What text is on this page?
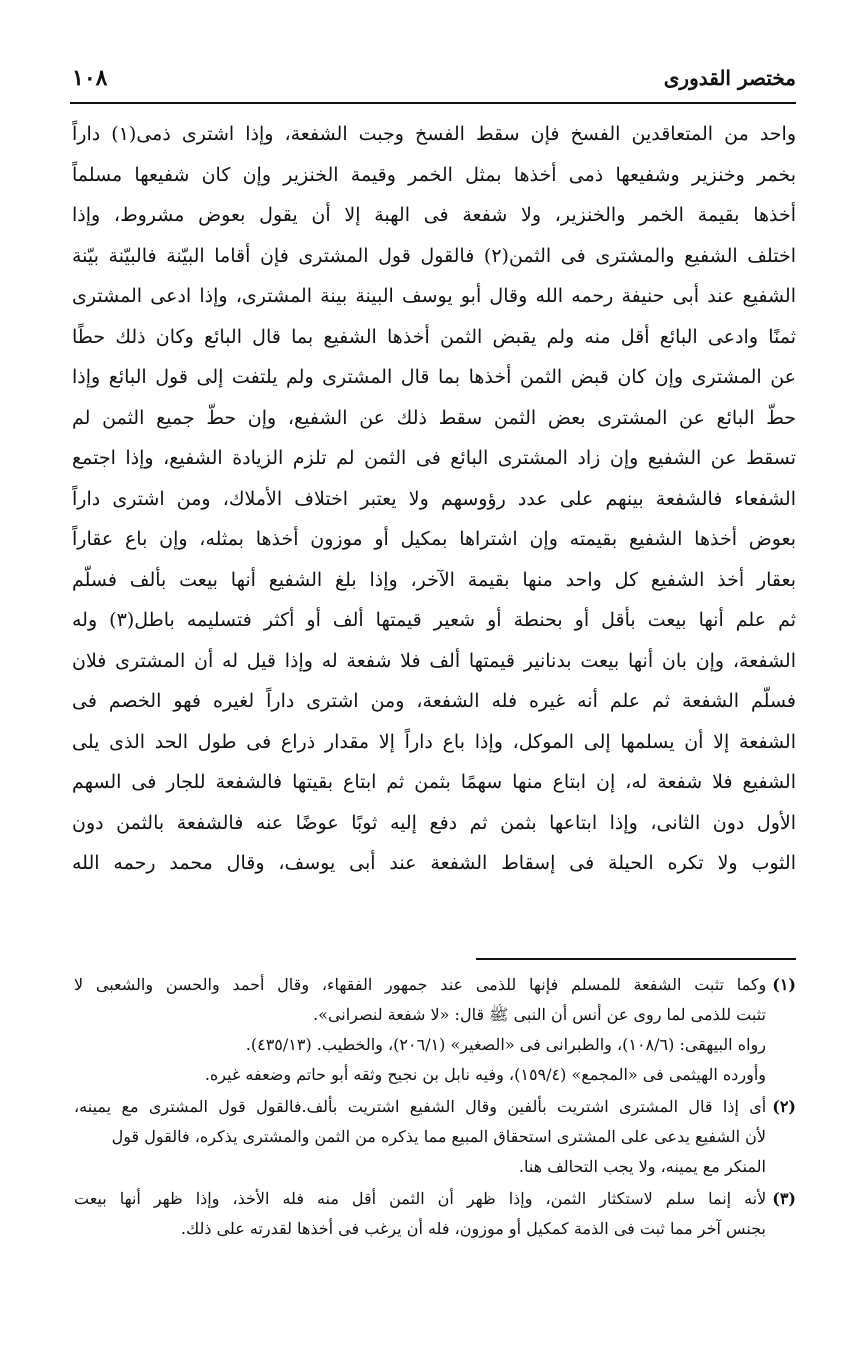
مختصر القدورى
١٠٨
واحد من المتعاقدين الفسخ فإن سقط الفسخ وجبت الشفعة، وإذا اشترى ذمى(١) داراً
بخمر وخنزير وشفيعها ذمى أخذها بمثل الخمر وقيمة الخنزير وإن كان شفيعها مسلماً
أخذها بقيمة الخمر والخنزير، ولا شفعة فى الهبة إلا أن يقول بعوض مشروط، وإذا
اختلف الشفيع والمشترى فى الثمن(٢) فالقول قول المشترى فإن أقاما البيّنة فالبيّنة بيّنة
الشفيع عند أبى حنيفة رحمه الله وقال أبو يوسف البينة بينة المشترى، وإذا ادعى المشترى
ثمنًا وادعى البائع أقل منه ولم يقبض الثمن أخذها الشفيع بما قال البائع وكان ذلك حطًا
عن المشترى وإن كان قبض الثمن أخذها بما قال المشترى ولم يلتفت إلى قول البائع وإذا
حطّ البائع عن المشترى بعض الثمن سقط ذلك عن الشفيع، وإن حطّ جميع الثمن لم
تسقط عن الشفيع وإن زاد المشترى البائع فى الثمن لم تلزم الزيادة الشفيع، وإذا اجتمع
الشفعاء فالشفعة بينهم على عدد رؤوسهم ولا يعتبر اختلاف الأملاك، ومن اشترى داراً
بعوض أخذها الشفيع بقيمته وإن اشتراها بمكيل أو موزون أخذها بمثله، وإن باع عقاراً
بعقار أخذ الشفيع كل واحد منها بقيمة الآخر، وإذا بلغ الشفيع أنها بيعت بألف فسلّم
ثم علم أنها بيعت بأقل أو بحنطة أو شعير قيمتها ألف أو أكثر فتسليمه باطل(٣) وله
الشفعة، وإن بان أنها بيعت بدنانير قيمتها ألف فلا شفعة له وإذا قيل له أن المشترى فلان
فسلّم الشفعة ثم علم أنه غيره فله الشفعة، ومن اشترى داراً لغيره فهو الخصم فى
الشفعة إلا أن يسلمها إلى الموكل، وإذا باع داراً إلا مقدار ذراع فى طول الحد الذى يلى
الشفيع فلا شفعة له، إن ابتاع منها سهمًا بثمن ثم ابتاع بقيتها فالشفعة للجار فى السهم
الأول دون الثانى، وإذا ابتاعها بثمن ثم دفع إليه ثوبًا عوضًا عنه فالشفعة بالثمن دون
الثوب ولا تكره الحيلة فى إسقاط الشفعة عند أبى يوسف، وقال محمد رحمه الله
(١)وكما تثبت الشفعة للمسلم فإنها للذمى عند جمهور الفقهاء، وقال أحمد والحسن والشعبى لا
تثبت للذمى لما روى عن أنس أن النبى ﷺ قال: «لا شفعة لنصرانى».
رواه البيهقى: (١٠٨/٦)، والطبرانى فى «الصغير» (٢٠٦/١)، والخطيب. (٤٣٥/١٣).
وأورده الهيثمى فى «المجمع» (١٥٩/٤)، وفيه نابل بن نجيح وثقه أبو حاتم وضعفه غيره.
(٢)أى إذا قال المشترى اشتريت بألفين وقال الشفيع اشتريت بألف.فالقول قول المشترى مع يمينه،
لأن الشفيع يدعى على المشترى استحقاق المبيع مما يذكره من الثمن والمشترى يذكره، فالقول قول
المنكر مع يمينه، ولا يجب التحالف هنا.
(٣)لأنه إنما سلم لاستكثار الثمن، وإذا ظهر أن الثمن أقل منه فله الأخذ، وإذا ظهر أنها بيعت
بجنس آخر مما ثبت فى الذمة كمكيل أو موزون، فله أن يرغب فى أخذها لقدرته على ذلك.
